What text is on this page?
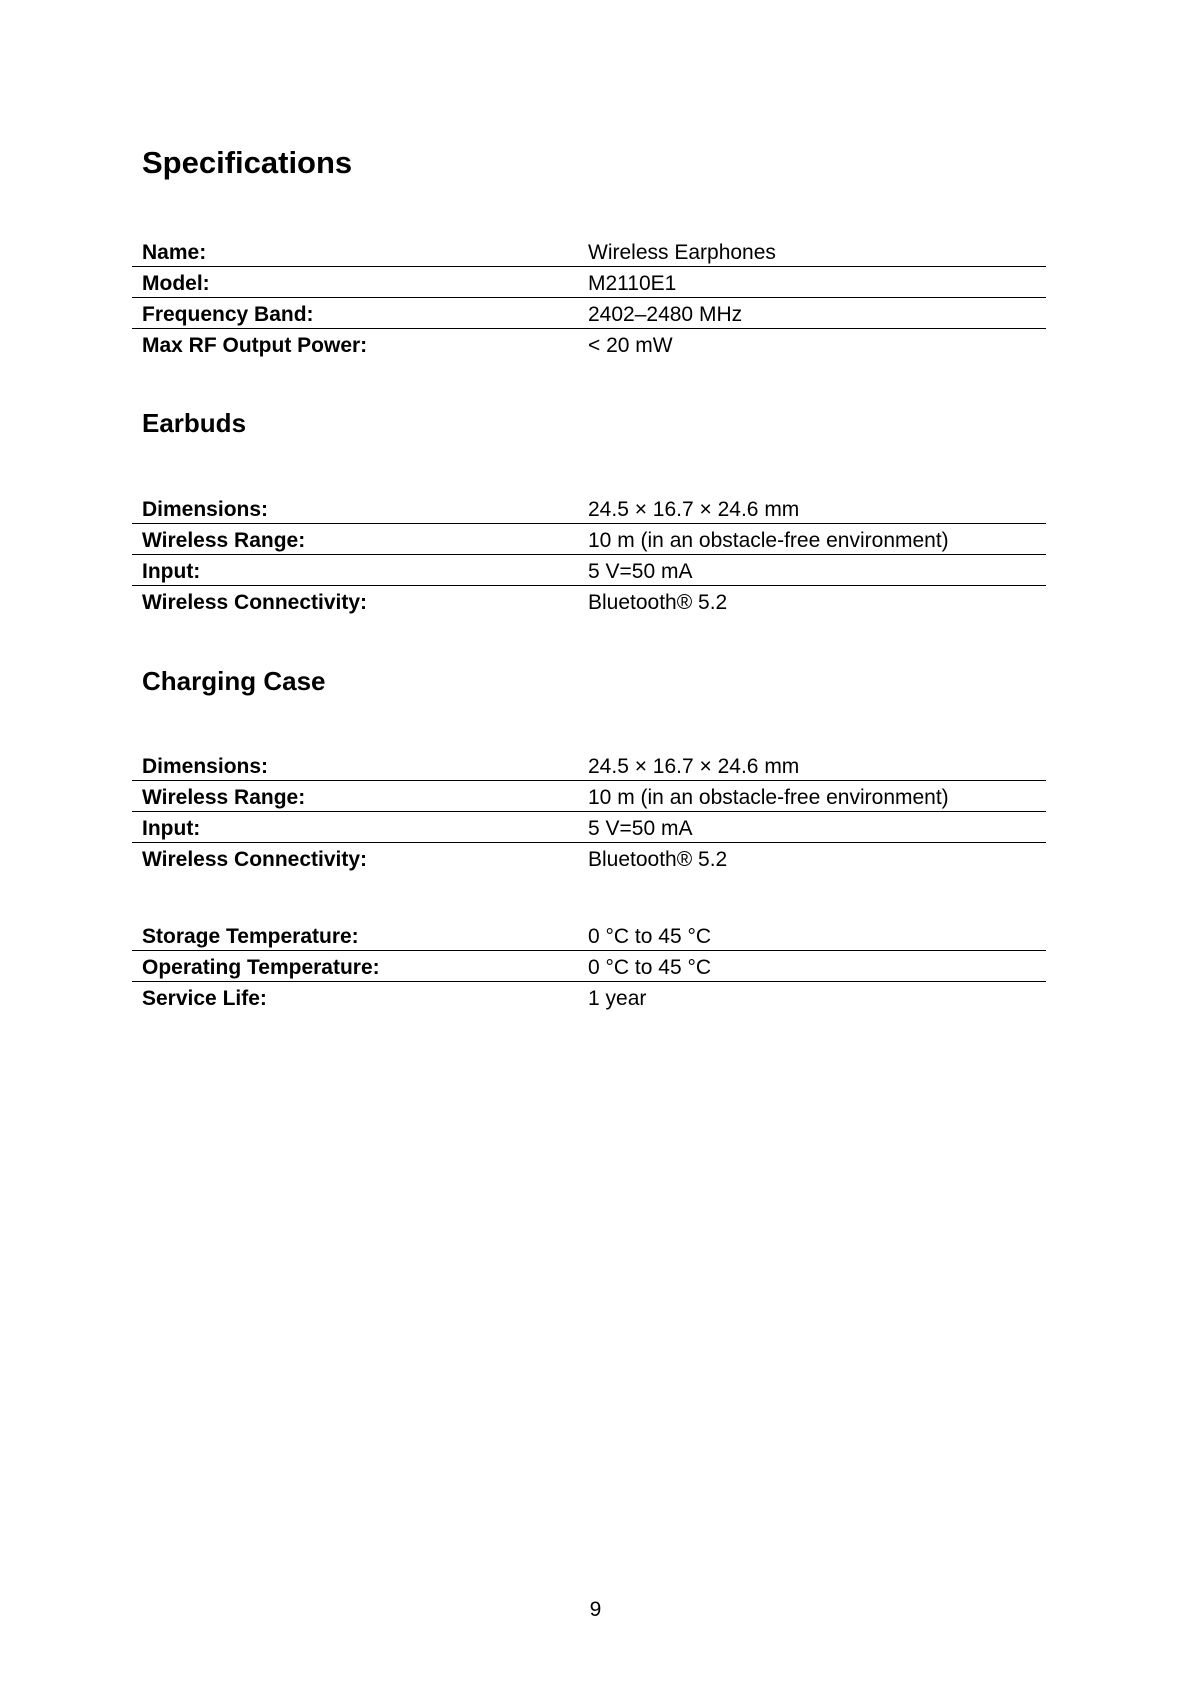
Specifications
Name:	Wireless Earphones
Model:	M2110E1
Frequency Band:	2402–2480 MHz
Max RF Output Power:	< 20 mW
Earbuds
Dimensions:	24.5 × 16.7 × 24.6 mm
Wireless Range:	10 m (in an obstacle-free environment)
Input:	5 V=50 mA
Wireless Connectivity:	Bluetooth® 5.2
Charging Case
Dimensions:	24.5 × 16.7 × 24.6 mm
Wireless Range:	10 m (in an obstacle-free environment)
Input:	5 V=50 mA
Wireless Connectivity:	Bluetooth® 5.2
Storage Temperature:	0 °C to 45 °C
Operating Temperature:	0 °C to 45 °C
Service Life:	1 year
9
